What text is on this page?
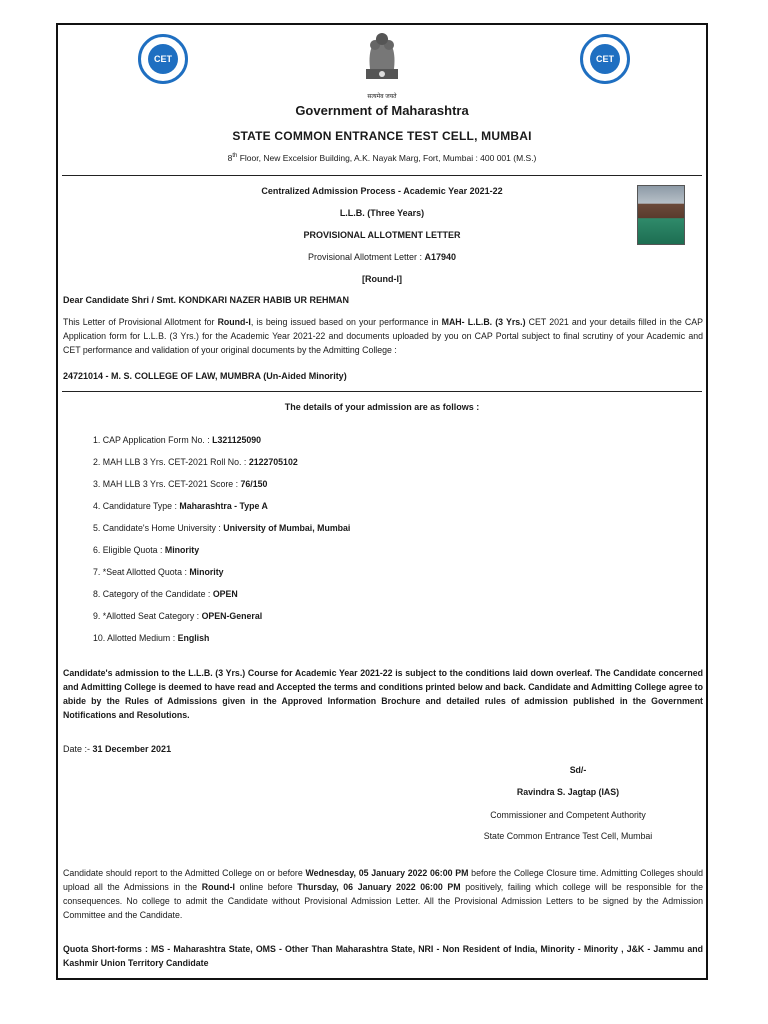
CET	CET
सत्यमेव जयते
Government of Maharashtra
STATE COMMON ENTRANCE TEST CELL, MUMBAI
8th Floor, New Excelsior Building, A.K. Nayak Marg, Fort, Mumbai : 400 001 (M.S.)
Centralized Admission Process - Academic Year 2021-22
L.L.B. (Three Years)
PROVISIONAL ALLOTMENT LETTER
Provisional Allotment Letter : A17940
[Round-I]
Dear Candidate Shri / Smt. KONDKARI NAZER HABIB UR REHMAN
This Letter of Provisional Allotment for Round-I, is being issued based on your performance in MAH- L.L.B. (3 Yrs.) CET 2021 and your details filled in the CAP Application form for L.L.B. (3 Yrs.) for the Academic Year 2021-22 and documents uploaded by you on CAP Portal subject to final scrutiny of your Academic and CET performance and validation of your original documents by the Admitting College :
24721014 - M. S. COLLEGE OF LAW, MUMBRA (Un-Aided Minority)
The details of your admission are as follows :
1. CAP Application Form No. : L321125090
2. MAH LLB 3 Yrs. CET-2021 Roll No. : 2122705102
3. MAH LLB 3 Yrs. CET-2021 Score : 76/150
4. Candidature Type : Maharashtra - Type A
5. Candidate's Home University : University of Mumbai, Mumbai
6. Eligible Quota : Minority
7. *Seat Allotted Quota : Minority
8. Category of the Candidate : OPEN
9. *Allotted Seat Category : OPEN-General
10. Allotted Medium : English
Candidate's admission to the L.L.B. (3 Yrs.) Course for Academic Year 2021-22 is subject to the conditions laid down overleaf. The Candidate concerned and Admitting College is deemed to have read and Accepted the terms and conditions printed below and back. Candidate and Admitting College agree to abide by the Rules of Admissions given in the Approved Information Brochure and detailed rules of admission published in the Government Notifications and Resolutions.
Date :- 31 December 2021
Sd/-
Ravindra S. Jagtap (IAS)
Commissioner and Competent Authority
State Common Entrance Test Cell, Mumbai
Candidate should report to the Admitted College on or before Wednesday, 05 January 2022 06:00 PM before the College Closure time. Admitting Colleges should upload all the Admissions in the Round-I online before Thursday, 06 January 2022 06:00 PM positively, failing which college will be responsible for the consequences. No college to admit the Candidate without Provisional Admission Letter. All the Provisional Admission Letters to be signed by the Admission Committee and the Candidate.
Quota Short-forms : MS - Maharashtra State, OMS - Other Than Maharashtra State, NRI - Non Resident of India, Minority - Minority , J&K - Jammu and Kashmir Union Territory Candidate
